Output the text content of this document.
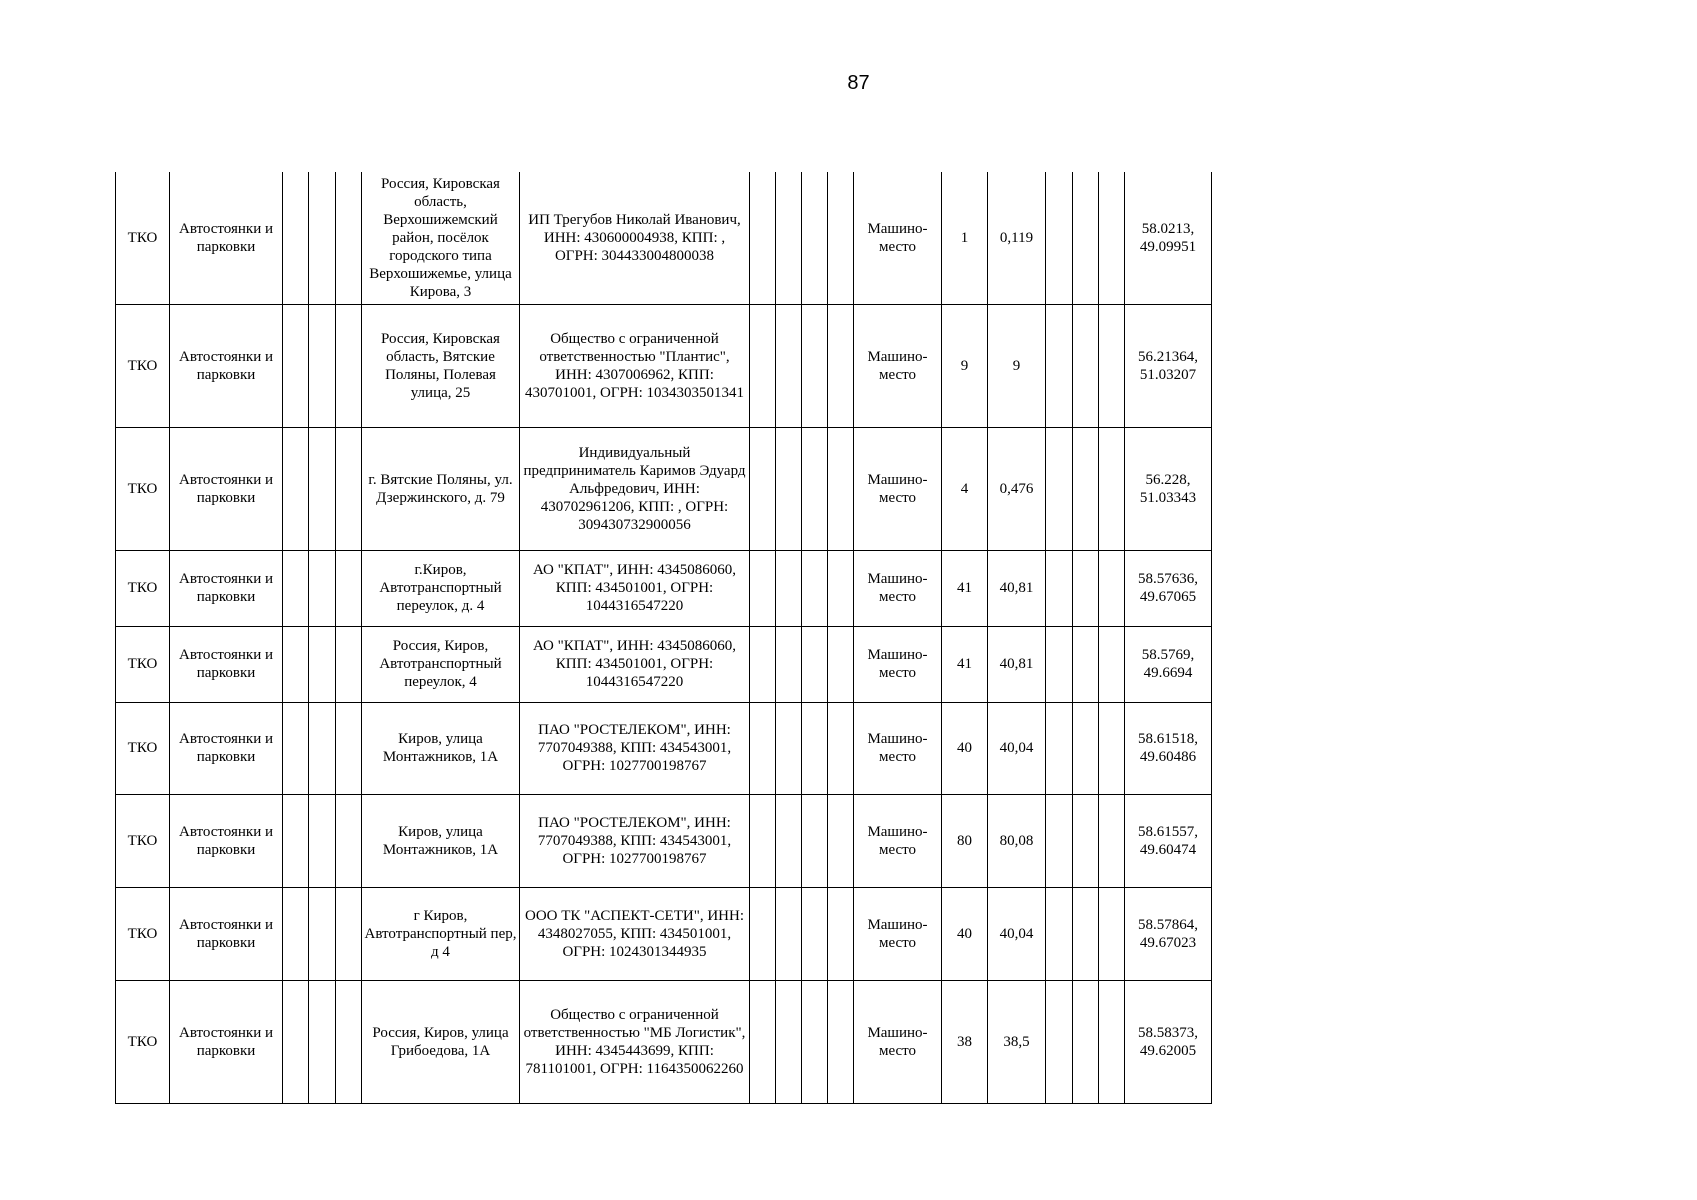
87
ТКО	Автостоянки и парковки				Россия, Кировская область, Верхошижемский район, посёлок городского типа Верхошижемье, улица Кирова, 3	ИП Трегубов Николай Иванович, ИНН: 430600004938, КПП: , ОГРН: 304433004800038					Машино-место	1	0,119				58.0213, 49.09951
ТКО	Автостоянки и парковки				Россия, Кировская область, Вятские Поляны, Полевая улица, 25	Общество с ограниченной ответственностью "Плантис", ИНН: 4307006962, КПП: 430701001, ОГРН: 1034303501341					Машино-место	9	9				56.21364, 51.03207
ТКО	Автостоянки и парковки				г. Вятские Поляны, ул. Дзержинского, д. 79	Индивидуальный предприниматель Каримов Эдуард Альфредович, ИНН: 430702961206, КПП: , ОГРН: 309430732900056					Машино-место	4	0,476				56.228, 51.03343
ТКО	Автостоянки и парковки				г.Киров, Автотранспортный переулок, д. 4	АО "КПАТ", ИНН: 4345086060, КПП: 434501001, ОГРН: 1044316547220					Машино-место	41	40,81				58.57636, 49.67065
ТКО	Автостоянки и парковки				Россия, Киров, Автотранспортный переулок, 4	АО "КПАТ", ИНН: 4345086060, КПП: 434501001, ОГРН: 1044316547220					Машино-место	41	40,81				58.5769, 49.6694
ТКО	Автостоянки и парковки				Киров, улица Монтажников, 1А	ПАО "РОСТЕЛЕКОМ", ИНН: 7707049388, КПП: 434543001, ОГРН: 1027700198767					Машино-место	40	40,04				58.61518, 49.60486
ТКО	Автостоянки и парковки				Киров, улица Монтажников, 1А	ПАО "РОСТЕЛЕКОМ", ИНН: 7707049388, КПП: 434543001, ОГРН: 1027700198767					Машино-место	80	80,08				58.61557, 49.60474
ТКО	Автостоянки и парковки				г Киров, Автотранспортный пер, д 4	ООО ТК "АСПЕКТ-СЕТИ", ИНН: 4348027055, КПП: 434501001, ОГРН: 1024301344935					Машино-место	40	40,04				58.57864, 49.67023
ТКО	Автостоянки и парковки				Россия, Киров, улица Грибоедова, 1А	Общество с ограниченной ответственностью "МБ Логистик", ИНН: 4345443699, КПП: 781101001, ОГРН: 1164350062260					Машино-место	38	38,5				58.58373, 49.62005
